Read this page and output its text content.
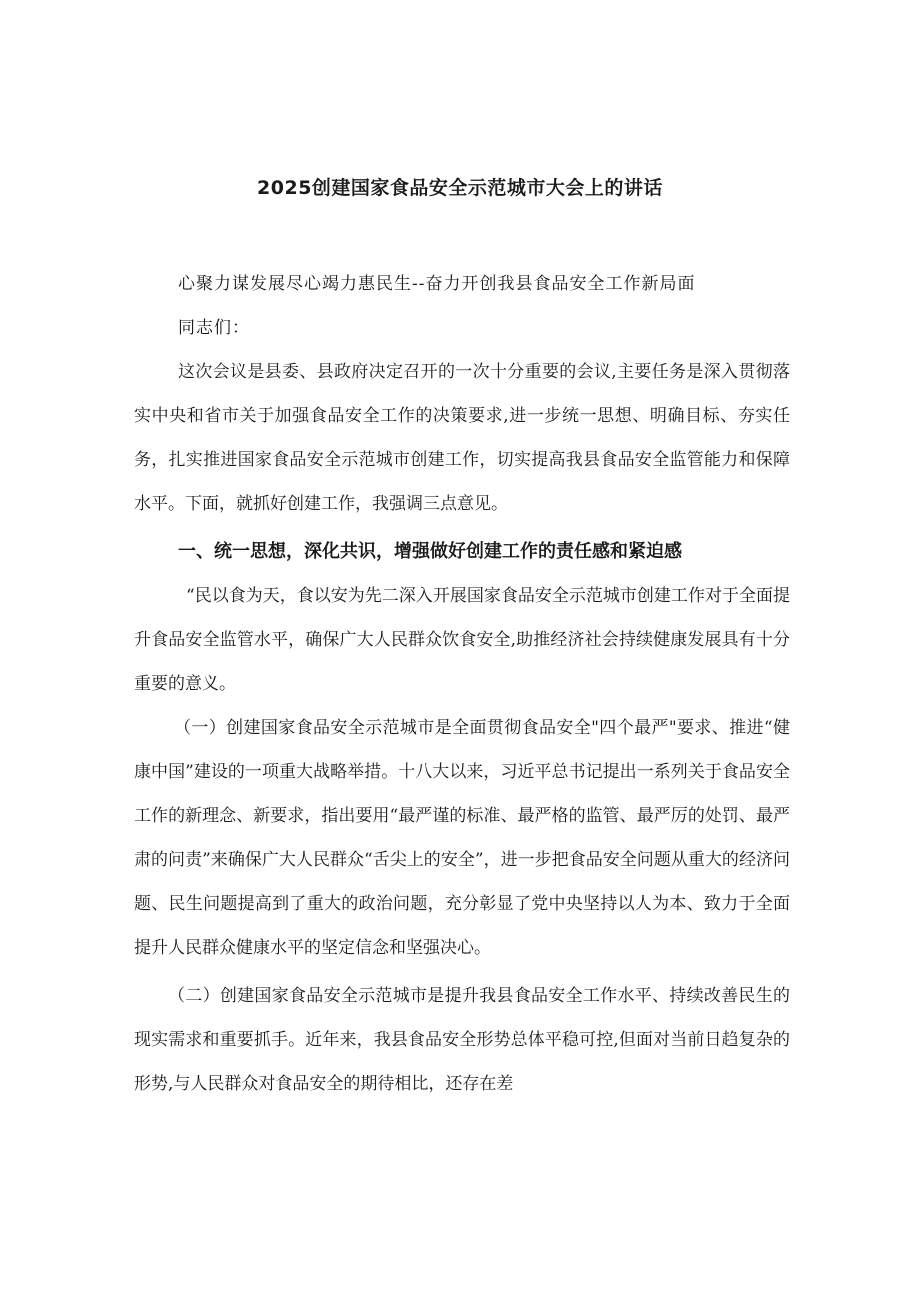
2025创建国家食品安全示范城市大会上的讲话

心聚力谋发展尽心竭力惠民生--奋力开创我县食品安全工作新局面

同志们：

这次会议是县委、县政府决定召开的一次十分重要的会议,主要任务是深入贯彻落实中央和省市关于加强食品安全工作的决策要求,进一步统一思想、明确目标、夯实任务，扎实推进国家食品安全示范城市创建工作，切实提高我县食品安全监管能力和保障水平。下面，就抓好创建工作，我强调三点意见。

一、统一思想，深化共识，增强做好创建工作的责任感和紧迫感

“民以食为天，食以安为先二深入开展国家食品安全示范城市创建工作对于全面提升食品安全监管水平，确保广大人民群众饮食安全,助推经济社会持续健康发展具有十分重要的意义。

（一）创建国家食品安全示范城市是全面贯彻食品安全"四个最严"要求、推进“健康中国”建设的一项重大战略举措。十八大以来，习近平总书记提出一系列关于食品安全工作的新理念、新要求，指出要用“最严谨的标准、最严格的监管、最严厉的处罚、最严肃的问责”来确保广大人民群众“舌尖上的安全”，进一步把食品安全问题从重大的经济问题、民生问题提高到了重大的政治问题，充分彰显了党中央坚持以人为本、致力于全面提升人民群众健康水平的坚定信念和坚强决心。

（二）创建国家食品安全示范城市是提升我县食品安全工作水平、持续改善民生的现实需求和重要抓手。近年来，我县食品安全形势总体平稳可控,但面对当前日趋复杂的形势,与人民群众对食品安全的期待相比，还存在差
